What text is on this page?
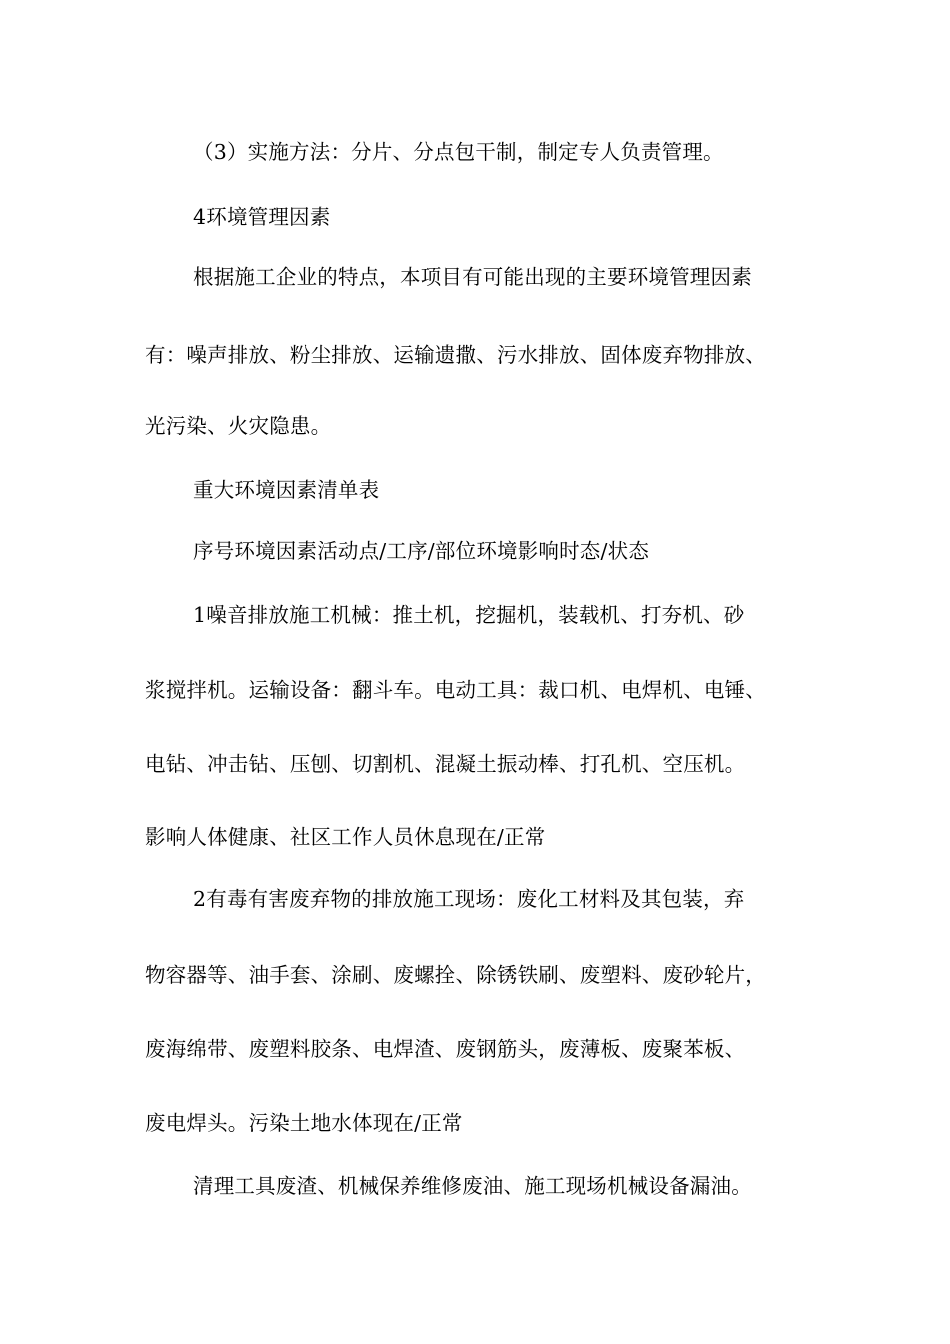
（3）实施方法：分片、分点包干制，制定专人负责管理。
4环境管理因素
根据施工企业的特点，本项目有可能出现的主要环境管理因素
有：噪声排放、粉尘排放、运输遗撒、污水排放、固体废弃物排放、
光污染、火灾隐患。
重大环境因素清单表
序号环境因素活动点/工序/部位环境影响时态/状态
1噪音排放施工机械：推土机，挖掘机，装载机、打夯机、砂
浆搅拌机。运输设备：翻斗车。电动工具：裁口机、电焊机、电锤、
电钻、冲击钻、压刨、切割机、混凝土振动棒、打孔机、空压机。
影响人体健康、社区工作人员休息现在/正常
2有毒有害废弃物的排放施工现场：废化工材料及其包装，弃
物容器等、油手套、涂刷、废螺拴、除锈铁刷、废塑料、废砂轮片，
废海绵带、废塑料胶条、电焊渣、废钢筋头，废薄板、废聚苯板、
废电焊头。污染土地水体现在/正常
清理工具废渣、机械保养维修废油、施工现场机械设备漏油。
